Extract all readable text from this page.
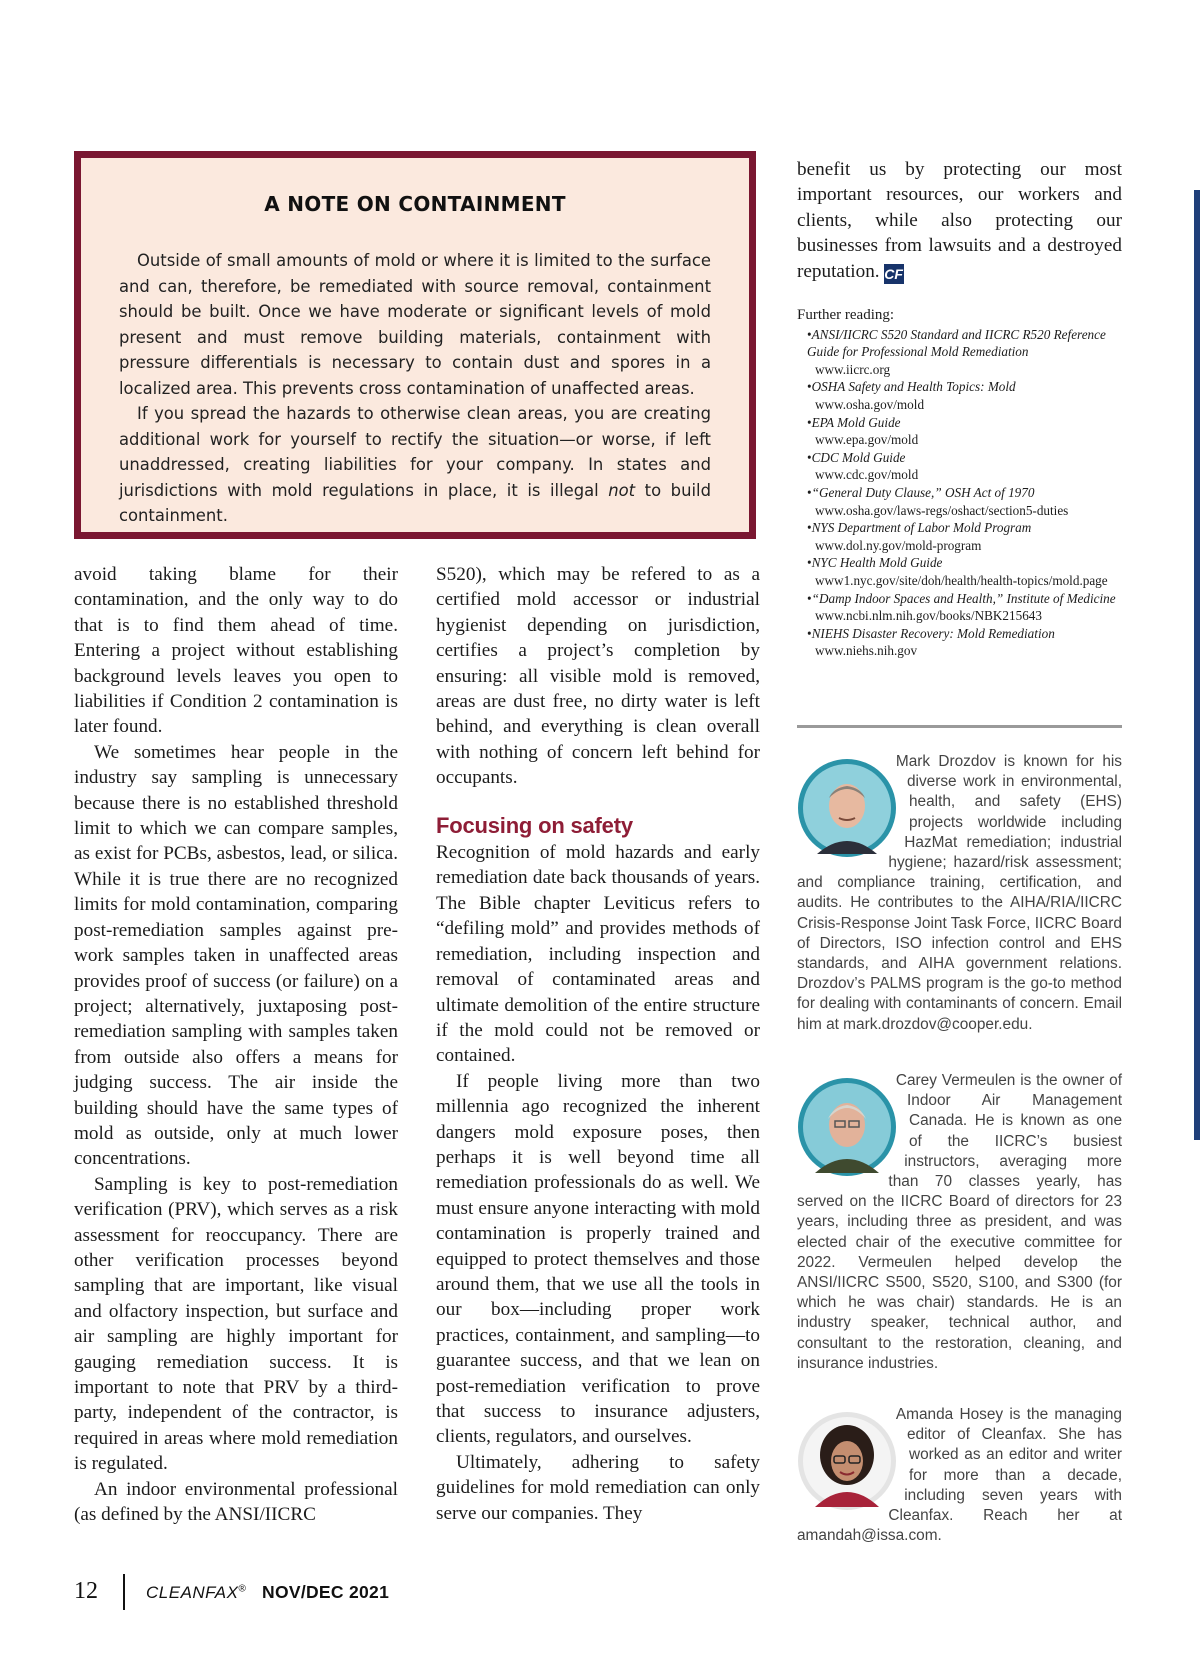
A NOTE ON CONTAINMENT

Outside of small amounts of mold or where it is limited to the surface and can, therefore, be remediated with source removal, containment should be built. Once we have moderate or significant levels of mold present and must remove building materials, containment with pressure differentials is necessary to contain dust and spores in a localized area. This prevents cross contamination of unaffected areas.

If you spread the hazards to otherwise clean areas, you are creating additional work for yourself to rectify the situation—or worse, if left unaddressed, creating liabilities for your company. In states and jurisdictions with mold regulations in place, it is illegal not to build containment.

avoid taking blame for their contamination, and the only way to do that is to find them ahead of time. Entering a project without establishing background levels leaves you open to liabilities if Condition 2 contamination is later found.

We sometimes hear people in the industry say sampling is unnecessary because there is no established threshold limit to which we can compare samples, as exist for PCBs, asbestos, lead, or silica. While it is true there are no recognized limits for mold contamination, comparing post-remediation samples against pre-work samples taken in unaffected areas provides proof of success (or failure) on a project; alternatively, juxtaposing post-remediation sampling with samples taken from outside also offers a means for judging success. The air inside the building should have the same types of mold as outside, only at much lower concentrations.

Sampling is key to post-remediation verification (PRV), which serves as a risk assessment for reoccupancy. There are other verification processes beyond sampling that are important, like visual and olfactory inspection, but surface and air sampling are highly important for gauging remediation success. It is important to note that PRV by a third-party, independent of the contractor, is required in areas where mold remediation is regulated.

An indoor environmental professional (as defined by the ANSI/IICRC

S520), which may be refered to as a certified mold accessor or industrial hygienist depending on jurisdiction, certifies a project’s completion by ensuring: all visible mold is removed, areas are dust free, no dirty water is left behind, and everything is clean overall with nothing of concern left behind for occupants.

Focusing on safety

Recognition of mold hazards and early remediation date back thousands of years. The Bible chapter Leviticus refers to “defiling mold” and provides methods of remediation, including inspection and removal of contaminated areas and ultimate demolition of the entire structure if the mold could not be removed or contained.

If people living more than two millennia ago recognized the inherent dangers mold exposure poses, then perhaps it is well beyond time all remediation professionals do as well. We must ensure anyone interacting with mold contamination is properly trained and equipped to protect themselves and those around them, that we use all the tools in our box—including proper work practices, containment, and sampling—to guarantee success, and that we lean on post-remediation verification to prove that success to insurance adjusters, clients, regulators, and ourselves.

Ultimately, adhering to safety guidelines for mold remediation can only serve our companies. They

benefit us by protecting our most important resources, our workers and clients, while also protecting our businesses from lawsuits and a destroyed reputation. CF

Further reading:
• ANSI/IICRC S520 Standard and IICRC R520 Reference Guide for Professional Mold Remediation
www.iicrc.org
• OSHA Safety and Health Topics: Mold
www.osha.gov/mold
• EPA Mold Guide
www.epa.gov/mold
• CDC Mold Guide
www.cdc.gov/mold
• “General Duty Clause,” OSH Act of 1970
www.osha.gov/laws-regs/oshact/section5-duties
• NYS Department of Labor Mold Program
www.dol.ny.gov/mold-program
• NYC Health Mold Guide
www1.nyc.gov/site/doh/health/health-topics/mold.page
• “Damp Indoor Spaces and Health,” Institute of Medicine
www.ncbi.nlm.nih.gov/books/NBK215643
• NIEHS Disaster Recovery: Mold Remediation
www.niehs.nih.gov
Mark Drozdov is known for his diverse work in environmental, health, and safety (EHS) projects worldwide including HazMat remediation; industrial hygiene; hazard/risk assessment; and compliance training, certification, and audits. He contributes to the AIHA/RIA/IICRC Crisis-Response Joint Task Force, IICRC Board of Directors, ISO infection control and EHS standards, and AIHA government relations. Drozdov’s PALMS program is the go-to method for dealing with contaminants of concern. Email him at mark.drozdov@cooper.edu.
Carey Vermeulen is the owner of Indoor Air Management Canada. He is known as one of the IICRC’s busiest instructors, averaging more than 70 classes yearly, has served on the IICRC Board of directors for 23 years, including three as president, and was elected chair of the executive committee for 2022. Vermeulen helped develop the ANSI/IICRC S500, S520, S100, and S300 (for which he was chair) standards. He is an industry speaker, technical author, and consultant to the restoration, cleaning, and insurance industries.
Amanda Hosey is the managing editor of Cleanfax. She has worked as an editor and writer for more than a decade, including seven years with Cleanfax. Reach her at amandah@issa.com.
12	CLEANFAX® NOV/DEC 2021
